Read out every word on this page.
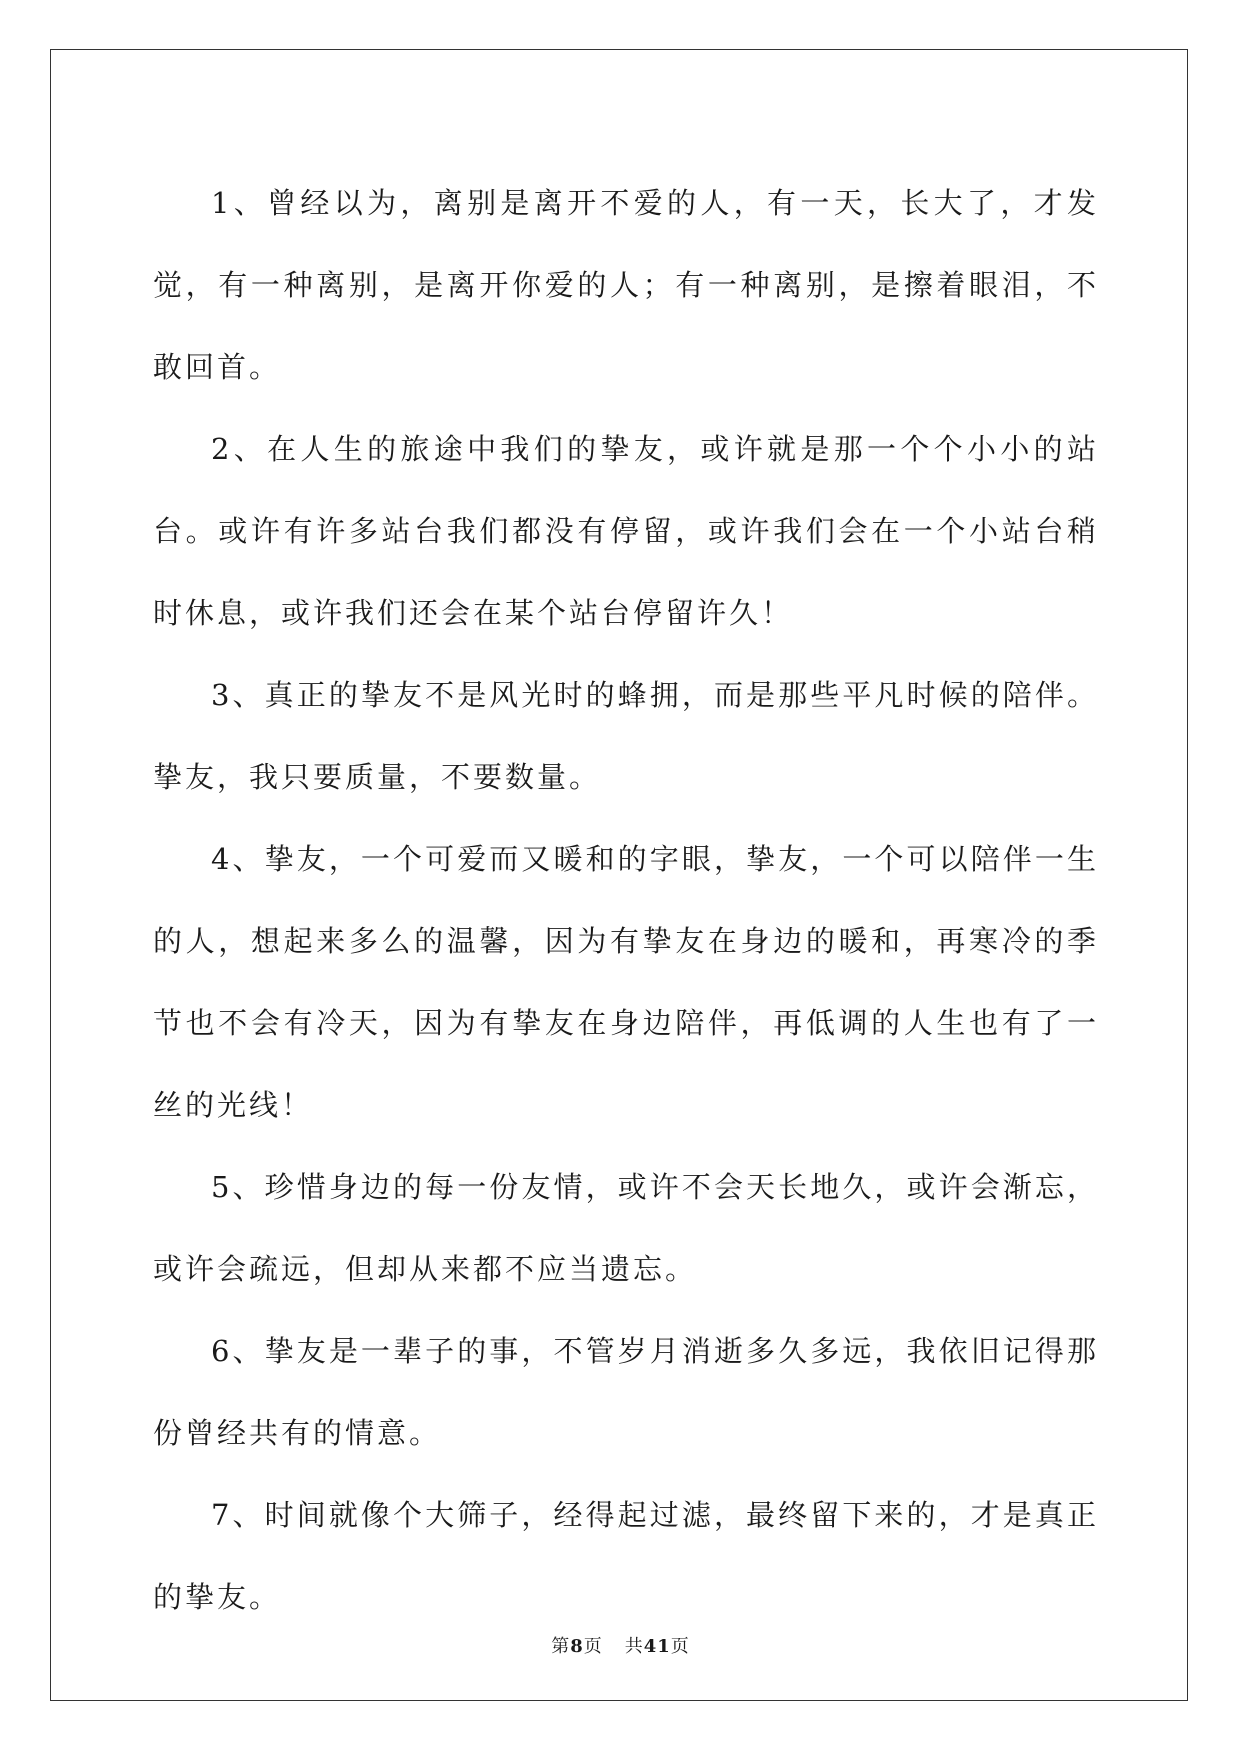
1、曾经以为，离别是离开不爱的人，有一天，长大了，才发觉，有一种离别，是离开你爱的人；有一种离别，是擦着眼泪，不敢回首。

2、在人生的旅途中我们的挚友，或许就是那一个个小小的站台。或许有许多站台我们都没有停留，或许我们会在一个小站台稍时休息，或许我们还会在某个站台停留许久！

3、真正的挚友不是风光时的蜂拥，而是那些平凡时候的陪伴。挚友，我只要质量，不要数量。

4、挚友，一个可爱而又暖和的字眼，挚友，一个可以陪伴一生的人，想起来多么的温馨，因为有挚友在身边的暖和，再寒冷的季节也不会有冷天，因为有挚友在身边陪伴，再低调的人生也有了一丝的光线！

5、珍惜身边的每一份友情，或许不会天长地久，或许会渐忘，或许会疏远，但却从来都不应当遗忘。

6、挚友是一辈子的事，不管岁月消逝多久多远，我依旧记得那份曾经共有的情意。

7、时间就像个大筛子，经得起过滤，最终留下来的，才是真正的挚友。

第8页 共41页
